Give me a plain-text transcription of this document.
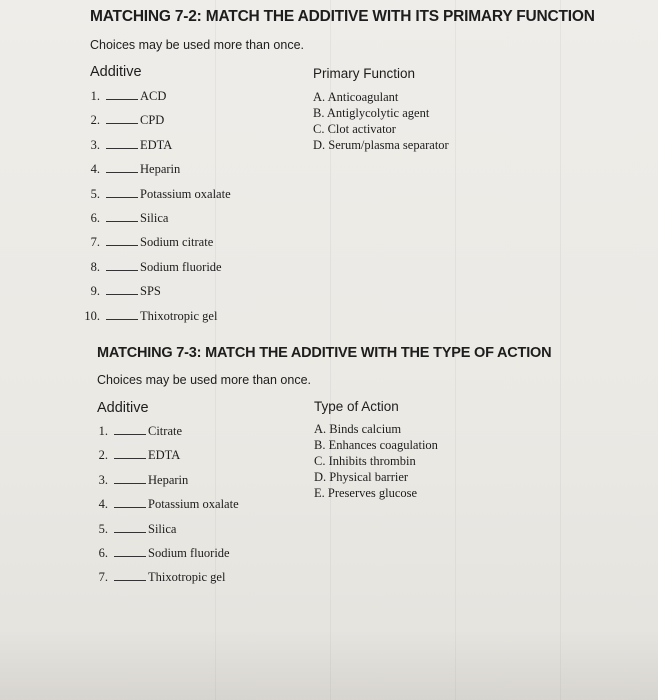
MATCHING 7-2: MATCH THE ADDITIVE WITH ITS PRIMARY FUNCTION
Choices may be used more than once.
Additive	Primary Function
1.	ACD
2.	CPD
3.	EDTA
4.	Heparin
5.	Potassium oxalate
6.	Silica
7.	Sodium citrate
8.	Sodium fluoride
9.	SPS
10.	Thixotropic gel
A. Anticoagulant
B. Antiglycolytic agent
C. Clot activator
D. Serum/plasma separator
MATCHING 7-3: MATCH THE ADDITIVE WITH THE TYPE OF ACTION
Choices may be used more than once.
Additive	Type of Action
1.	Citrate
2.	EDTA
3.	Heparin
4.	Potassium oxalate
5.	Silica
6.	Sodium fluoride
7.	Thixotropic gel
A. Binds calcium
B. Enhances coagulation
C. Inhibits thrombin
D. Physical barrier
E. Preserves glucose
